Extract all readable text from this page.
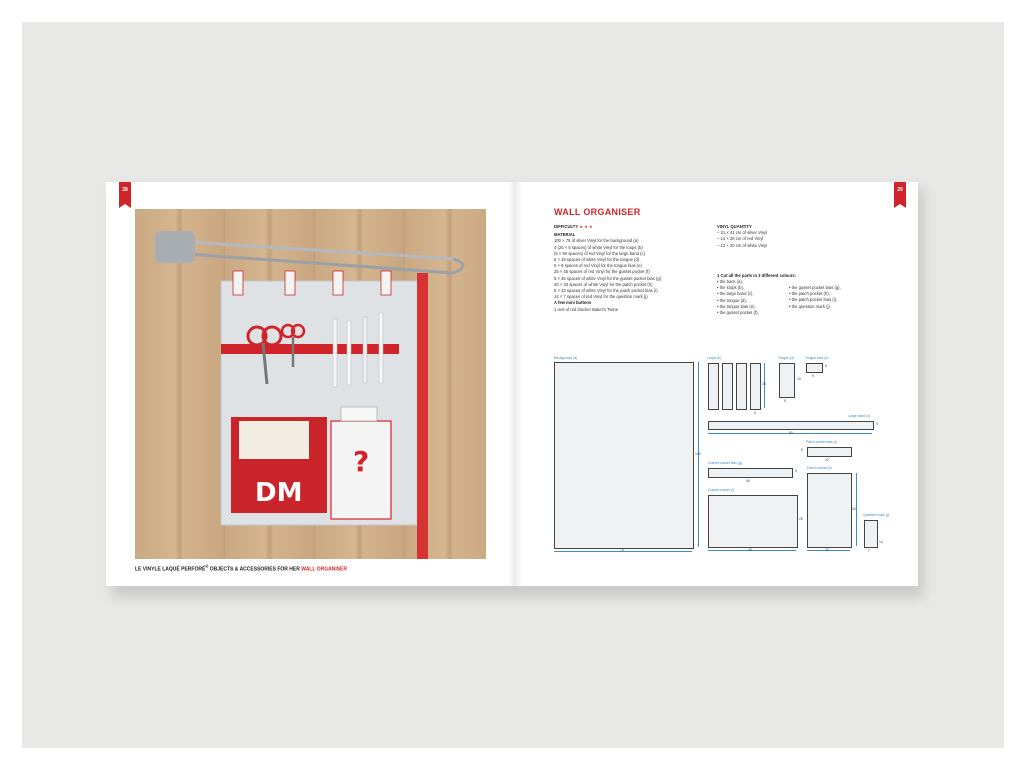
28	29
?
DM
LE VINYLE LAQUÉ PERFORÉ® OBJECTS & ACCESSORIES FOR HER WALL ORGANISER
WALL ORGANISER
DIFFICULTY ★ ★ ★
MATERIAL
100 × 75 of silver Vinyl for the background (a)
4 (25 × 5 spaces) of white Vinyl for the loops (b)
(5 × 90 spaces) of red Vinyl for the large band (c)
5 × 19 spaces of white Vinyl for the tongue (d)
5 × 9 spaces of red Vinyl for the tongue bias (e)
25 × 45 spaces of red Vinyl for the gusset pocket (f)
5 × 45 spaces of white Vinyl for the gusset pocket bias (g)
40 × 33 spaces of white Vinyl for the patch pocket (h)
5 × 22 spaces of white Vinyl for the patch pocket bias (i)
14 × 7 spaces of red Vinyl for the question mark (j)
A few mini buttons
1 reel of red blocker Baker's Twine
VINYL QUANTITY
– 31 × 41 cm of silver Vinyl
– 14 × 26 cm of red Vinyl
– 12 × 20 cm of white Vinyl
1 Cut all the parts in 3 different colours:
• the back (a),
• the loops (b),
• the large band (c),
• the tongue (d),
• the tongue bias (e),
• the gusset pocket (f),
• the gusset pocket bias (g),
• the patch pocket (h),
• the patch pocket bias (i),
• the question mark (j).
Background (a)
75
100
Loops (b)
5
25
Tongue (d)
5
19
Tongue bias (e)
5
9
Large band (c)
90
5
Patch pocket bias (i)
5
22
Gusset pocket bias (g)
5
45
Gusset pocket (f)
45
25
Patch pocket (h)
33
40
Question mark (j)
7
14
